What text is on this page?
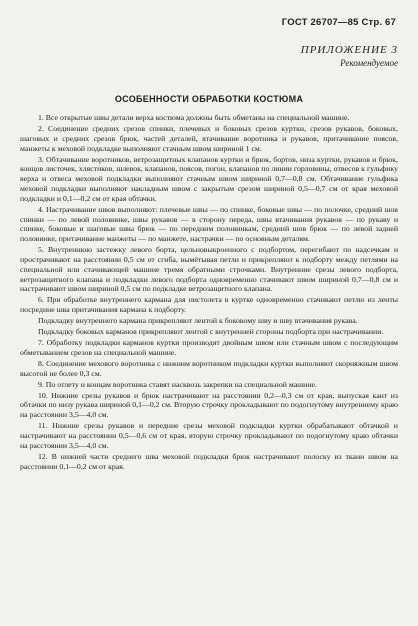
ГОСТ 26707—85 Стр. 67
ПРИЛОЖЕНИЕ 3
Рекомендуемое
ОСОБЕННОСТИ ОБРАБОТКИ КОСТЮМА

1. Все открытые швы детали верха костюма должны быть обметаны на специальной машине.

2. Соединение средних срезов спинки, плечевых и боковых срезов куртки, срезов рукавов, боковых, шаговых и средних срезов брюк, частей деталей, втачивание воротника и рукавов, притачивание поясов, манжеты к меховой подкладке выполняют стачным швом шириной 1 см.

3. Обтачивание воротников, ветрозащитных клапанов куртки и брюк, бортов, низа куртки, рукавов и брюк, концов листочек, хлястиков, шлевок, клапанов, поясов, погон, клапанов по линии горловины, отвесов к гульфику верха и отвеса меховой подкладки выполняют стачным швом шириной 0,7—0,8 см. Обтачивание гульфика меховой подкладки выполняют накладным швом с закрытым срезом шириной 0,5—0,7 см от края меховой подкладки и 0,1—0,2 см от края обтачки.

4. Настрачивание швов выполняют: плечевые швы — по спинке, боковые швы — по полочке, средний шов спинки — по левой половинке, швы рукавов — в сторону переда, швы втачивания рукавов — по рукаву и спинке, боковые и шаговые швы брюк — по передним половинкам, средний шов брюк — по левой задней половинке, притачивание манжеты — по манжете, настрачки — по основным деталям.

5. Внутреннюю застежку левого борта, цельновыкроенного с подбортом, перегибают по надсечкам и прострачивают на расстоянии 0,5 см от сгиба, вымётывая петли и прикрепляют к подборту между петлями на специальной или стачивающей машине тремя обратными строчками. Внутренние срезы левого подборта, ветрозащитного клапана и подкладки левого подборта одновременно стачивают швом шириной 0,7—0,8 см и настрачивают швом шириной 0,5 см по подкладке ветрозащитного клапана.

6. При обработке внутреннего кармана для пистолета в куртке одновременно стачивают петлю из ленты посредине шва притачивания кармана к подборту.

Подкладку внутреннего кармана прикрепляют лентой к боковому шву и шву втачивания рукава.

Подкладку боковых карманов прикрепляют лентой с внутренней стороны подборта при настрачивании.

7. Обработку подкладки карманов куртки производят двойным швом или стачным швом с последующим обметыванием срезов на специальной машине.

8. Соединение мехового воротника с нижним воротником подкладки куртки выполняют скорняжным швом высотой не более 0,3 см.

9. По отлету и концам воротника ставят насквозь закрепки на специальной машине.

10. Нижние срезы рукавов и брюк настрачивают на расстоянии 0,2—0,3 см от края, выпуская кант из обтачки по низу рукава шириной 0,1—0,2 см. Вторую строчку прокладывают по подогнутому внутреннему краю на расстоянии 3,5—4,0 см.

11. Нижние срезы рукавов и передние срезы меховой подкладки куртки обрабатывают обтачкой и настрачивают на расстоянии 0,5—0,6 см от края, вторую строчку прокладывают по подогнутому краю обтачки на расстоянии 3,5—4,0 см.

12. В нижней части среднего шва меховой подкладки брюк настрачивают полоску из ткани швом на расстоянии 0,1—0,2 см от края.
